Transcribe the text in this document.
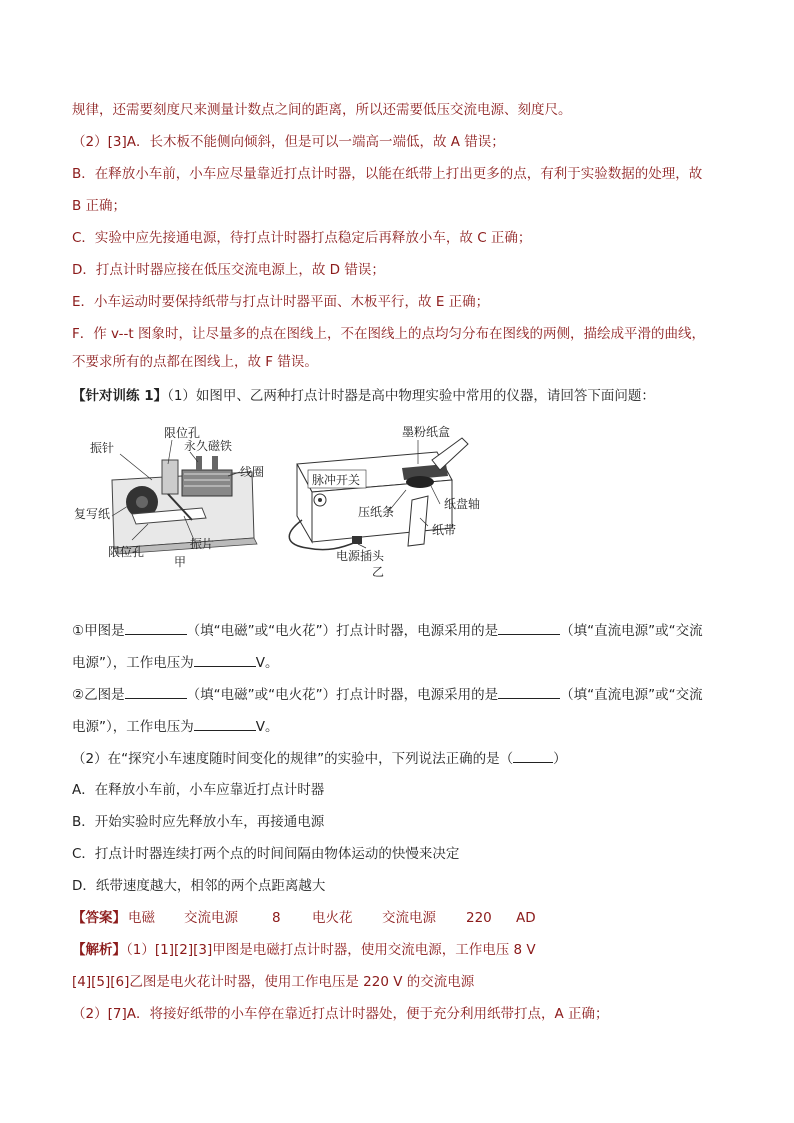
规律，还需要刻度尺来测量计数点之间的距离，所以还需要低压交流电源、刻度尺。
（2）[3]A．长木板不能侧向倾斜，但是可以一端高一端低，故 A 错误；
B．在释放小车前，小车应尽量靠近打点计时器，以能在纸带上打出更多的点，有利于实验数据的处理，故
B 正确；
C．实验中应先接通电源，待打点计时器打点稳定后再释放小车，故 C 正确；
D．打点计时器应接在低压交流电源上，故 D 错误；
E．小车运动时要保持纸带与打点计时器平面、木板平行，故 E 正确；
F．作 v--t 图象时，让尽量多的点在图线上，不在图线上的点均匀分布在图线的两侧，描绘成平滑的曲线，
不要求所有的点都在图线上，故 F 错误。
【针对训练 1】（1）如图甲、乙两种打点计时器是高中物理实验中常用的仪器，请回答下面问题：
限位孔
振针	永久磁铁
线圈
复写纸
限位孔
振片
甲
墨粉纸盒
脉冲开关
压纸条
纸盘轴
纸带
电源插头
乙
①甲图是	（填“电磁”或“电火花”）打点计时器，电源采用的是	（填“直流电源”或“交流
电源”），工作电压为	V。
②乙图是	（填“电磁”或“电火花”）打点计时器，电源采用的是	（填“直流电源”或“交流
电源”），工作电压为	V。
（2）在“探究小车速度随时间变化的规律”的实验中，下列说法正确的是（	）
A．在释放小车前，小车应靠近打点计时器
B．开始实验时应先释放小车，再接通电源
C．打点计时器连续打两个点的时间间隔由物体运动的快慢来决定
D．纸带速度越大，相邻的两个点距离越大
【答案】 电磁 交流电源	8 电火花 交流电源 220 AD
【解析】（1）[1][2][3]甲图是电磁打点计时器，使用交流电源，工作电压 8 V
[4][5][6]乙图是电火花计时器，使用工作电压是 220 V 的交流电源
（2）[7]A．将接好纸带的小车停在靠近打点计时器处，便于充分利用纸带打点，A 正确；
